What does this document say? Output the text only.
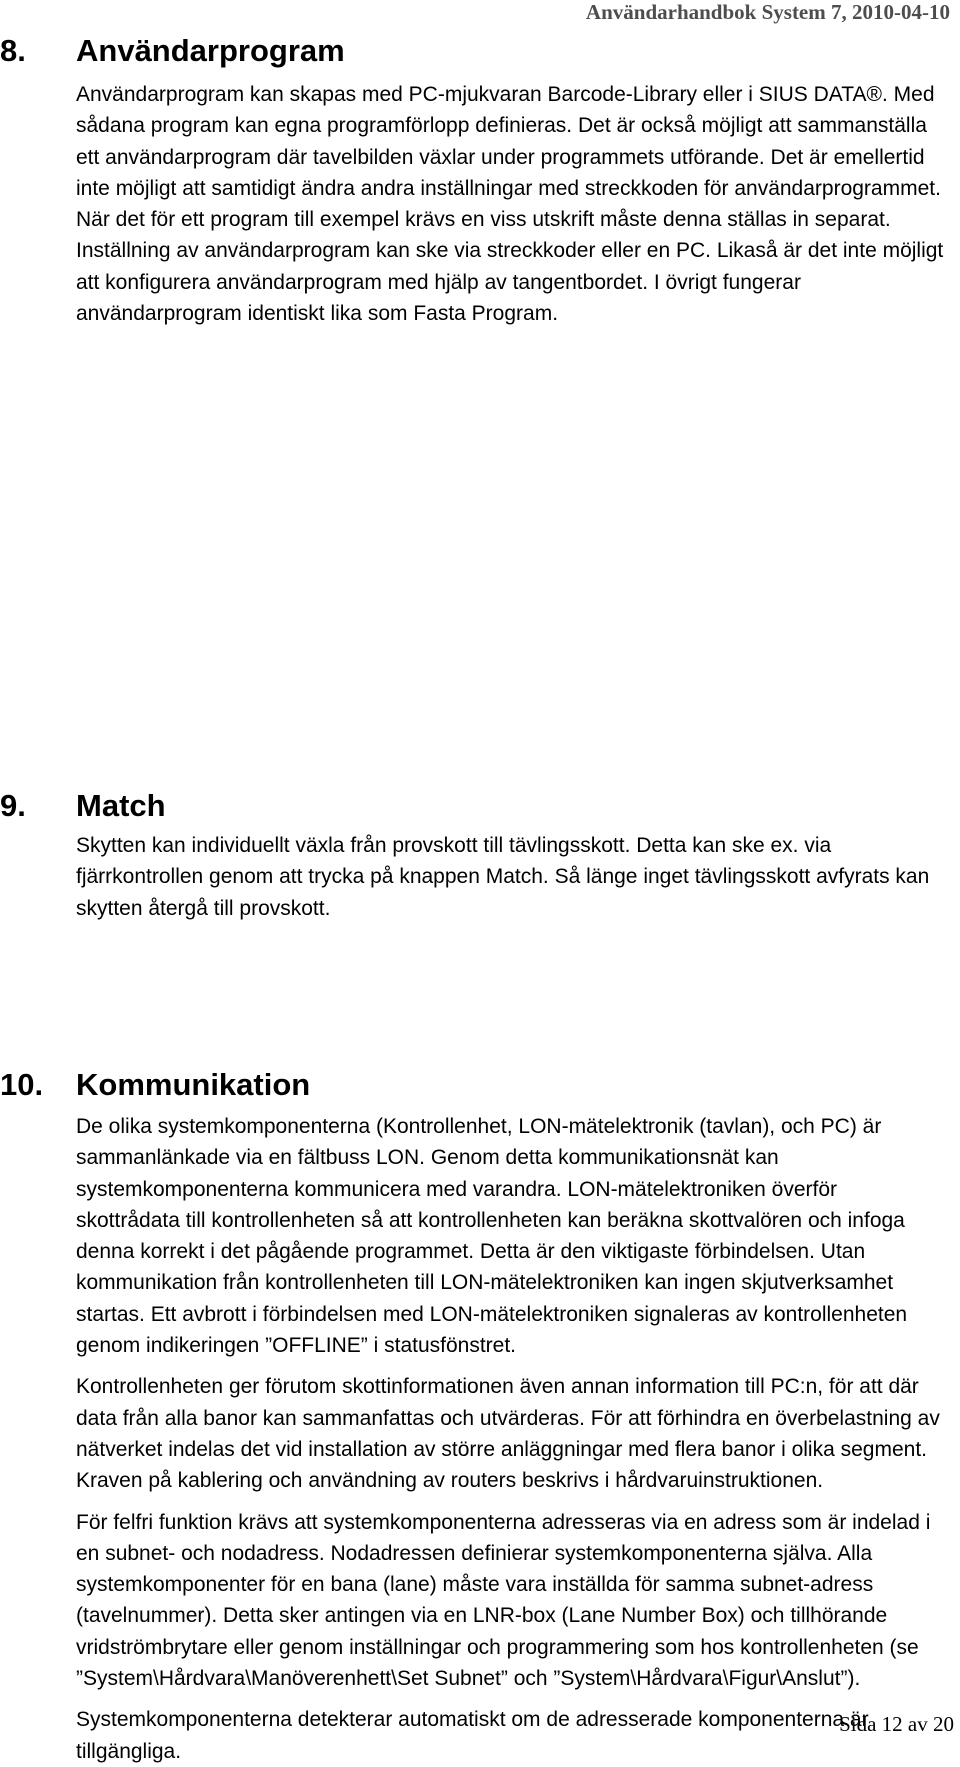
Användarhandbok System 7, 2010-04-10
8. Användarprogram

Användarprogram kan skapas med PC-mjukvaran Barcode-Library eller i SIUS DATA®. Med sådana program kan egna programförlopp definieras. Det är också möjligt att sammanställa ett användarprogram där tavelbilden växlar under programmets utförande. Det är emellertid inte möjligt att samtidigt ändra andra inställningar med streckkoden för användarprogrammet. När det för ett program till exempel krävs en viss utskrift måste denna ställas in separat. Inställning av användarprogram kan ske via streckkoder eller en PC. Likaså är det inte möjligt att konfigurera användarprogram med hjälp av tangentbordet. I övrigt fungerar användarprogram identiskt lika som Fasta Program.

9. Match

Skytten kan individuellt växla från provskott till tävlingsskott. Detta kan ske ex. via fjärrkontrollen genom att trycka på knappen Match. Så länge inget tävlingsskott avfyrats kan skytten återgå till provskott.

10. Kommunikation

De olika systemkomponenterna (Kontrollenhet, LON-mätelektronik (tavlan), och PC) är sammanlänkade via en fältbuss LON. Genom detta kommunikationsnät kan systemkomponenterna kommunicera med varandra. LON-mätelektroniken överför skottrådata till kontrollenheten så att kontrollenheten kan beräkna skottvalören och infoga denna korrekt i det pågående programmet. Detta är den viktigaste förbindelsen. Utan kommunikation från kontrollenheten till LON-mätelektroniken kan ingen skjutverksamhet startas. Ett avbrott i förbindelsen med LON-mätelektroniken signaleras av kontrollenheten genom indikeringen ”OFFLINE” i statusfönstret.

Kontrollenheten ger förutom skottinformationen även annan information till PC:n, för att där data från alla banor kan sammanfattas och utvärderas. För att förhindra en överbelastning av nätverket indelas det vid installation av större anläggningar med flera banor i olika segment. Kraven på kablering och användning av routers beskrivs i hårdvaruinstruktionen.

För felfri funktion krävs att systemkomponenterna adresseras via en adress som är indelad i en subnet- och nodadress. Nodadressen definierar systemkomponenterna själva. Alla systemkomponenter för en bana (lane) måste vara inställda för samma subnet-adress (tavelnummer). Detta sker antingen via en LNR-box (Lane Number Box) och tillhörande vridströmbrytare eller genom inställningar och programmering som hos kontrollenheten (se ”System\Hårdvara\Manöverenhett\Set Subnet” och ”System\Hårdvara\Figur\Anslut”).

Systemkomponenterna detekterar automatiskt om de adresserade komponenterna är tillgängliga.

Sida 12 av 20
